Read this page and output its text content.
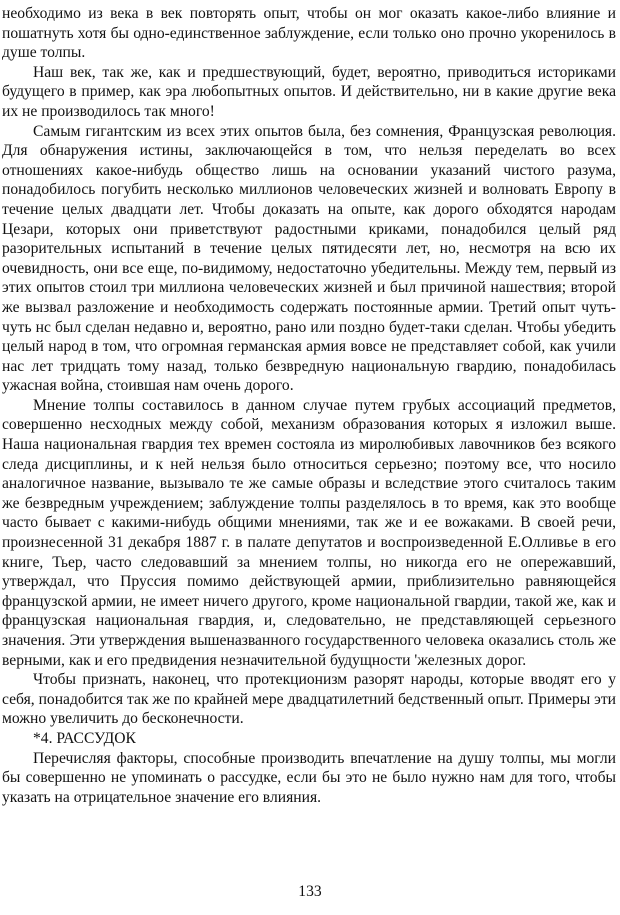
необходимо из века в век повторять опыт, чтобы он мог оказать какое-либо влияние и пошатнуть хотя бы одно-единственное заблуждение, если только оно прочно укоренилось в душе толпы.

Наш век, так же, как и предшествующий, будет, вероятно, приводиться историками будущего в пример, как эра любопытных опытов. И действительно, ни в какие другие века их не производилось так много!

Самым гигантским из всех этих опытов была, без сомнения, Французская революция. Для обнаружения истины, заключающейся в том, что нельзя переделать во всех отношениях какое-нибудь общество лишь на основании указаний чистого разума, понадобилось погубить несколько миллионов человеческих жизней и волновать Европу в течение целых двадцати лет. Чтобы доказать на опыте, как дорого обходятся народам Цезари, которых они приветствуют радостными криками, понадобился целый ряд разорительных испытаний в течение целых пятидесяти лет, но, несмотря на всю их очевидность, они все еще, по-видимому, недостаточно убедительны. Между тем, первый из этих опытов стоил три миллиона человеческих жизней и был причиной нашествия; второй же вызвал разложение и необходимость содержать постоянные армии. Третий опыт чуть-чуть нс был сделан недавно и, вероятно, рано или поздно будет-таки сделан. Чтобы убедить целый народ в том, что огромная германская армия вовсе не представляет собой, как учили нас лет тридцать тому назад, только безвредную национальную гвардию, понадобилась ужасная война, стоившая нам очень дорого.

Мнение толпы составилось в данном случае путем грубых ассоциаций предметов, совершенно несходных между собой, механизм образования которых я изложил выше. Наша национальная гвардия тех времен состояла из миролюбивых лавочников без всякого следа дисциплины, и к ней нельзя было относиться серьезно; поэтому все, что носило аналогичное название, вызывало те же самые образы и вследствие этого считалось таким же безвредным учреждением; заблуждение толпы разделялось в то время, как это вообще часто бывает с какими-нибудь общими мнениями, так же и ее вожаками. В своей речи, произнесенной 31 декабря 1887 г. в палате депутатов и воспроизведенной Е.Олливье в его книге, Тьер, часто следовавший за мнением толпы, но никогда его не опережавший, утверждал, что Пруссия помимо действующей армии, приблизительно равняющейся французской армии, не имеет ничего другого, кроме национальной гвардии, такой же, как и французская национальная гвардия, и, следовательно, не представляющей серьезного значения. Эти утверждения вышеназванного государственного человека оказались столь же верными, как и его предвидения незначительной будущности 'железных дорог.

Чтобы признать, наконец, что протекционизм разорят народы, которые вводят его у себя, понадобится так же по крайней мере двадцатилетний бедственный опыт. Примеры эти можно увеличить до бесконечности.

*4. РАССУДОК

Перечисляя факторы, способные производить впечатление на душу толпы, мы могли бы совершенно не упоминать о рассудке, если бы это не было нужно нам для того, чтобы указать на отрицательное значение его влияния.

133
